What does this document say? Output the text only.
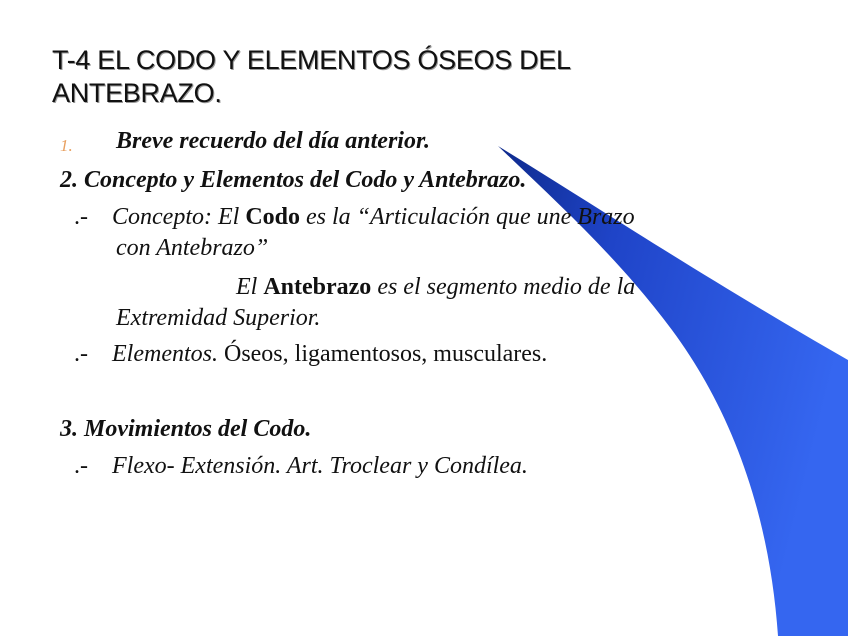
T-4 EL CODO Y ELEMENTOS ÓSEOS DEL
ANTEBRAZO.
1. Breve recuerdo del día anterior.
2. Concepto y Elementos del Codo y Antebrazo.
.- Concepto: El Codo es la “Articulación que une Brazo
con Antebrazo”
El Antebrazo es el segmento medio de la
Extremidad Superior.
.- Elementos. Óseos, ligamentosos, musculares.
3. Movimientos del Codo.
.- Flexo- Extensión. Art. Troclear y Condílea.
